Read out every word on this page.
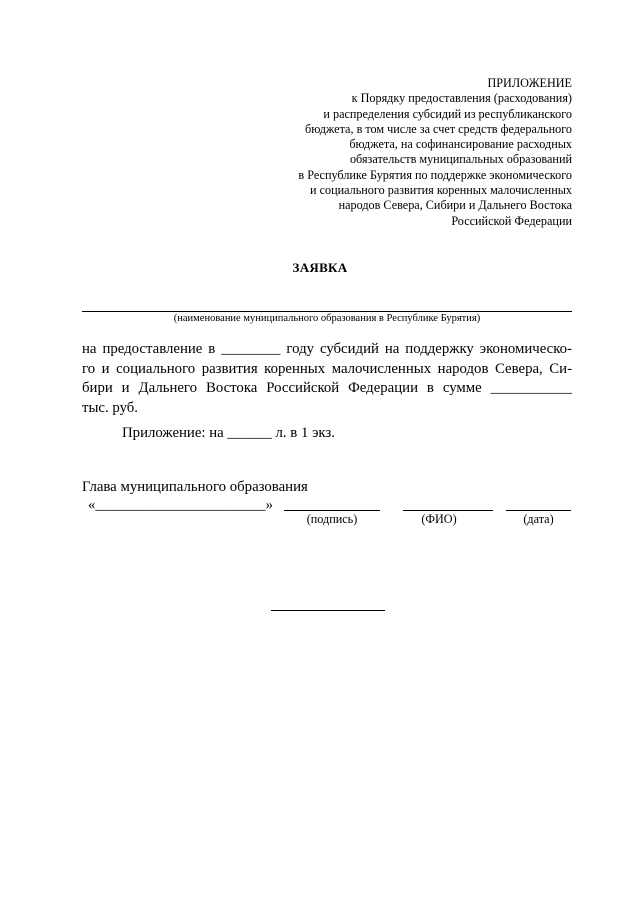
ПРИЛОЖЕНИЕ
к Порядку предоставления (расходования)
и распределения субсидий из республиканского
бюджета, в том числе за счет средств федерального
бюджета, на софинансирование расходных
обязательств муниципальных образований
в Республике Бурятия по поддержке экономического
и социального развития коренных малочисленных
народов Севера, Сибири и Дальнего Востока
Российской Федерации
ЗАЯВКА
(наименование муниципального образования в Республике Бурятия)
на предоставление в ________ году субсидий на поддержку экономическо-
го и социального развития коренных малочисленных народов Севера, Си-
бири и Дальнего Востока Российской Федерации в сумме ___________
тыс. руб.
Приложение: на ______ л. в 1 экз.
Глава муниципального образования
«_______________________»
(подпись)	(ФИО)	(дата)
